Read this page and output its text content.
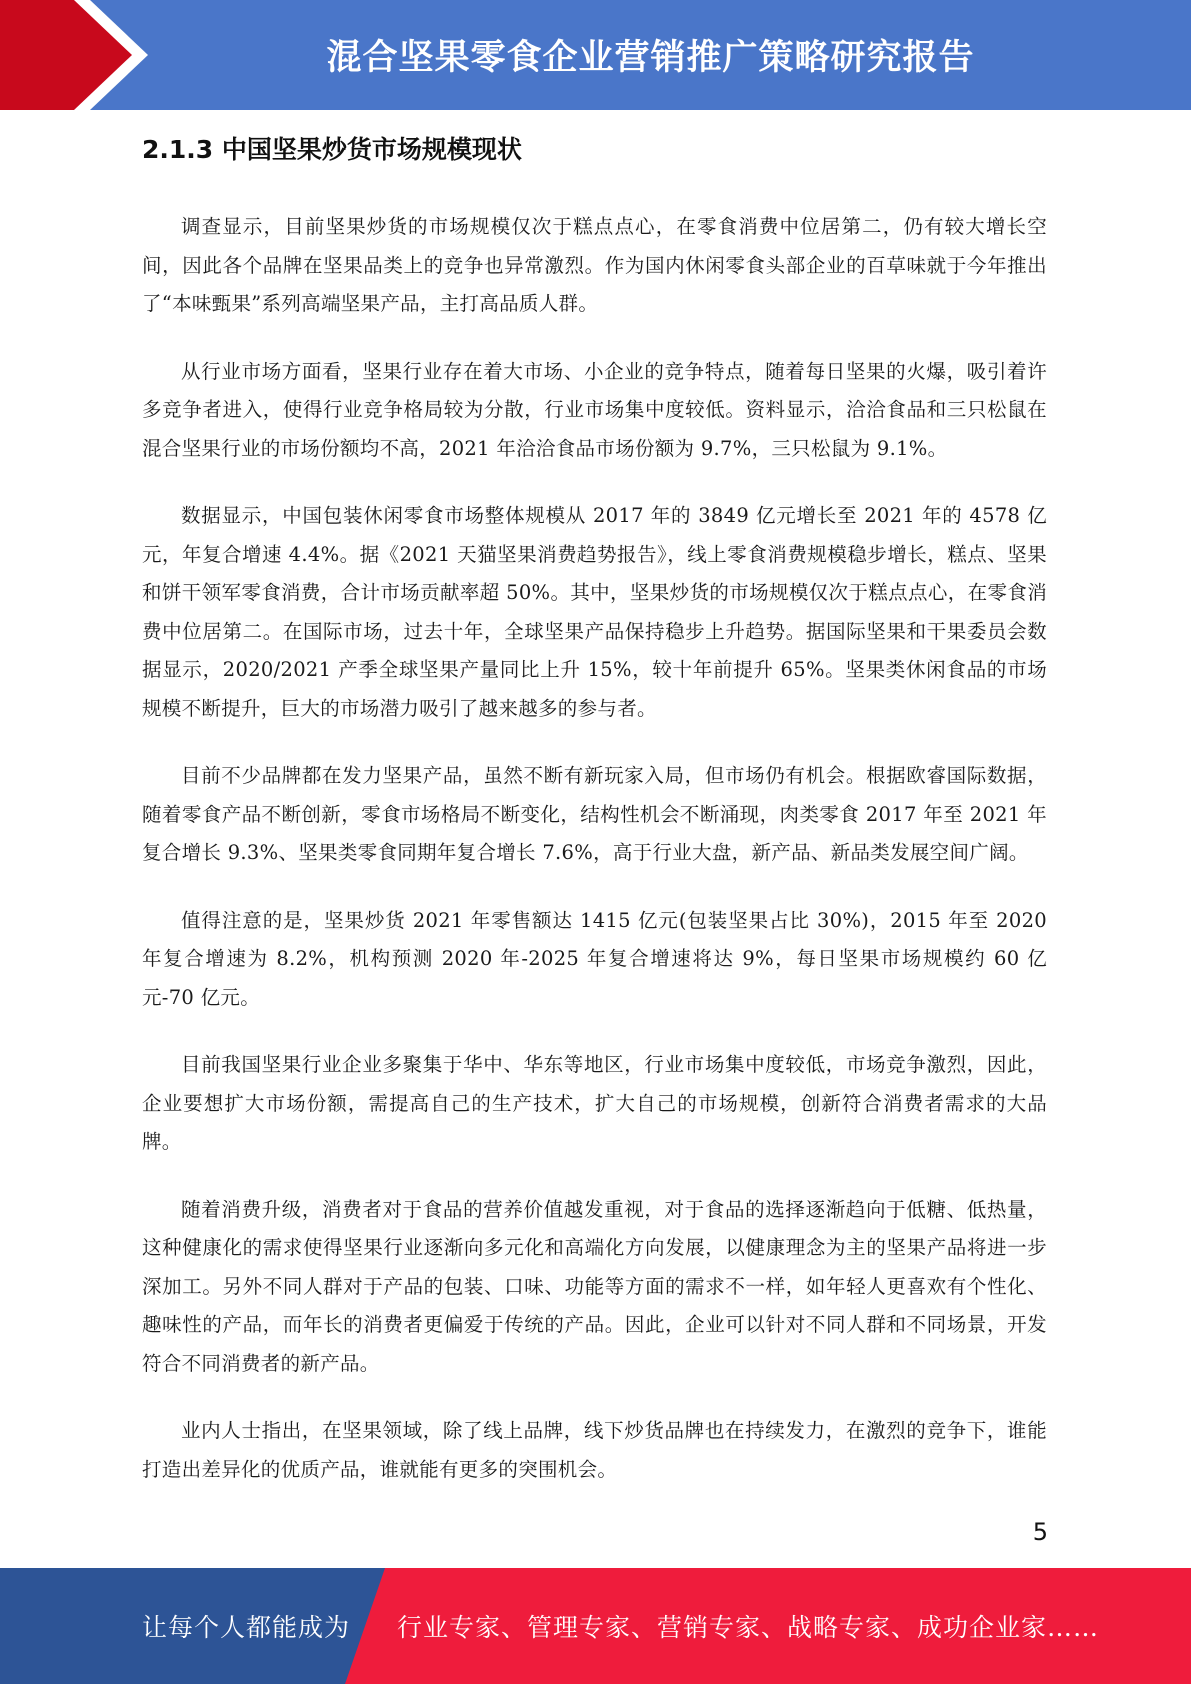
混合坚果零食企业营销推广策略研究报告
2.1.3 中国坚果炒货市场规模现状

调查显示，目前坚果炒货的市场规模仅次于糕点点心，在零食消费中位居第二，仍有较大增长空间，因此各个品牌在坚果品类上的竞争也异常激烈。作为国内休闲零食头部企业的百草味就于今年推出了“本味甄果”系列高端坚果产品，主打高品质人群。

从行业市场方面看，坚果行业存在着大市场、小企业的竞争特点，随着每日坚果的火爆，吸引着许多竞争者进入，使得行业竞争格局较为分散，行业市场集中度较低。资料显示，洽洽食品和三只松鼠在混合坚果行业的市场份额均不高，2021 年洽洽食品市场份额为 9.7%，三只松鼠为 9.1%。

数据显示，中国包装休闲零食市场整体规模从 2017 年的 3849 亿元增长至 2021 年的 4578 亿元，年复合增速 4.4%。据《2021 天猫坚果消费趋势报告》，线上零食消费规模稳步增长，糕点、坚果和饼干领军零食消费，合计市场贡献率超 50%。其中，坚果炒货的市场规模仅次于糕点点心，在零食消费中位居第二。在国际市场，过去十年，全球坚果产品保持稳步上升趋势。据国际坚果和干果委员会数据显示，2020/2021 产季全球坚果产量同比上升 15%，较十年前提升 65%。坚果类休闲食品的市场规模不断提升，巨大的市场潜力吸引了越来越多的参与者。

目前不少品牌都在发力坚果产品，虽然不断有新玩家入局，但市场仍有机会。根据欧睿国际数据，随着零食产品不断创新，零食市场格局不断变化，结构性机会不断涌现，肉类零食 2017 年至 2021 年复合增长 9.3%、坚果类零食同期年复合增长 7.6%，高于行业大盘，新产品、新品类发展空间广阔。

值得注意的是，坚果炒货 2021 年零售额达 1415 亿元(包装坚果占比 30%)，2015 年至 2020 年复合增速为 8.2%，机构预测 2020 年-2025 年复合增速将达 9%，每日坚果市场规模约 60 亿元-70 亿元。

目前我国坚果行业企业多聚集于华中、华东等地区，行业市场集中度较低，市场竞争激烈，因此，企业要想扩大市场份额，需提高自己的生产技术，扩大自己的市场规模，创新符合消费者需求的大品牌。

随着消费升级，消费者对于食品的营养价值越发重视，对于食品的选择逐渐趋向于低糖、低热量，这种健康化的需求使得坚果行业逐渐向多元化和高端化方向发展，以健康理念为主的坚果产品将进一步深加工。另外不同人群对于产品的包装、口味、功能等方面的需求不一样，如年轻人更喜欢有个性化、趣味性的产品，而年长的消费者更偏爱于传统的产品。因此，企业可以针对不同人群和不同场景，开发符合不同消费者的新产品。

业内人士指出，在坚果领域，除了线上品牌，线下炒货品牌也在持续发力，在激烈的竞争下，谁能打造出差异化的优质产品，谁就能有更多的突围机会。

5
让每个人都能成为 行业专家、管理专家、营销专家、战略专家、成功企业家……
